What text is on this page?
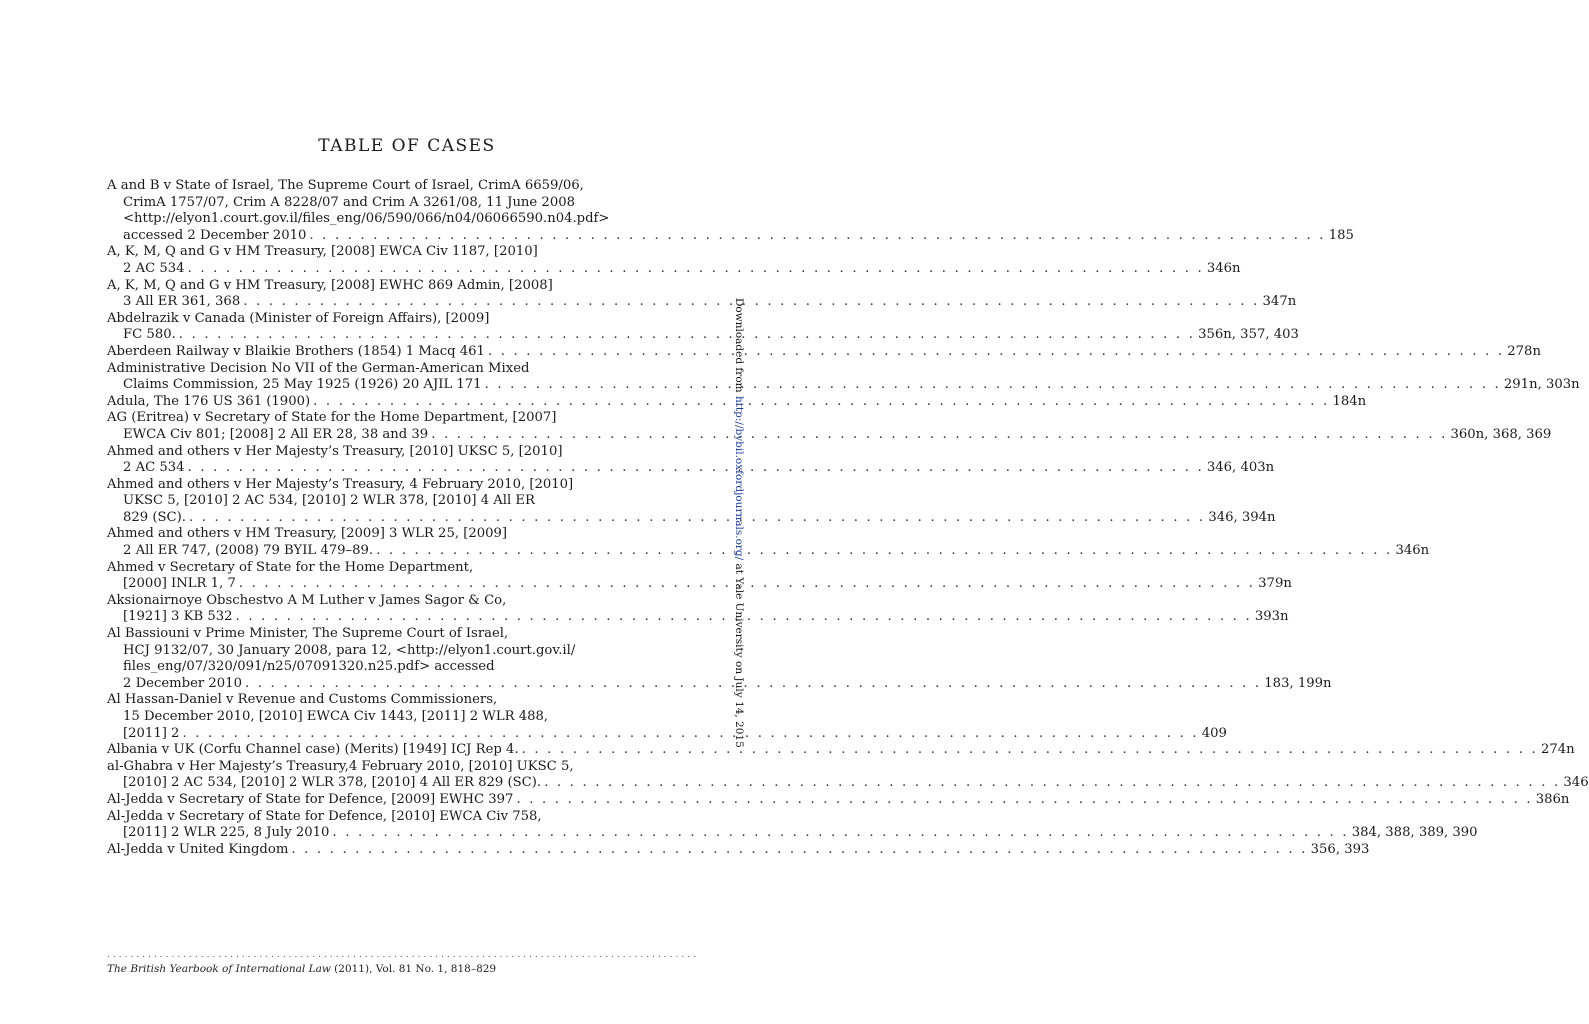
TABLE OF CASES
A and B v State of Israel, The Supreme Court of Israel, CrimA 6659/06,
CrimA 1757/07, Crim A 8228/07 and Crim A 3261/08, 11 June 2008
<http://elyon1.court.gov.il/files_eng/06/590/066/n04/06066590.n04.pdf>
accessed 2 December 2010 . . . . . . . . . . . . . . . . . . . . . . . . . . . . . . . . . . . . . . . . . . . . . . . . . . . . . . . . . . . . . . . . . . . . . . . . . . . . . . . . 185
A, K, M, Q and G v HM Treasury, [2008] EWCA Civ 1187, [2010]
2 AC 534 . . . . . . . . . . . . . . . . . . . . . . . . . . . . . . . . . . . . . . . . . . . . . . . . . . . . . . . . . . . . . . . . . . . . . . . . . . . . . . . . 346n
A, K, M, Q and G v HM Treasury, [2008] EWHC 869 Admin, [2008]
3 All ER 361, 368 . . . . . . . . . . . . . . . . . . . . . . . . . . . . . . . . . . . . . . . . . . . . . . . . . . . . . . . . . . . . . . . . . . . . . . . . . . . . . . . . 347n
Abdelrazik v Canada (Minister of Foreign Affairs), [2009]
FC 580. . . . . . . . . . . . . . . . . . . . . . . . . . . . . . . . . . . . . . . . . . . . . . . . . . . . . . . . . . . . . . . . . . . . . . . . . . . . . . . . . 356n, 357, 403
Aberdeen Railway v Blaikie Brothers (1854) 1 Macq 461 . . . . . . . . . . . . . . . . . . . . . . . . . . . . . . . . . . . . . . . . . . . . . . . . . . . . . . . . . . . . . . . . . . . . . . . . . . . . . . . . 278n
Administrative Decision No VII of the German-American Mixed
Claims Commission, 25 May 1925 (1926) 20 AJIL 171 . . . . . . . . . . . . . . . . . . . . . . . . . . . . . . . . . . . . . . . . . . . . . . . . . . . . . . . . . . . . . . . . . . . . . . . . . . . . . . . . 291n, 303n
Adula, The 176 US 361 (1900) . . . . . . . . . . . . . . . . . . . . . . . . . . . . . . . . . . . . . . . . . . . . . . . . . . . . . . . . . . . . . . . . . . . . . . . . . . . . . . . . 184n
AG (Eritrea) v Secretary of State for the Home Department, [2007]
EWCA Civ 801; [2008] 2 All ER 28, 38 and 39 . . . . . . . . . . . . . . . . . . . . . . . . . . . . . . . . . . . . . . . . . . . . . . . . . . . . . . . . . . . . . . . . . . . . . . . . . . . . . . . . 360n, 368, 369
Ahmed and others v Her Majesty’s Treasury, [2010] UKSC 5, [2010]
2 AC 534 . . . . . . . . . . . . . . . . . . . . . . . . . . . . . . . . . . . . . . . . . . . . . . . . . . . . . . . . . . . . . . . . . . . . . . . . . . . . . . . . 346, 403n
Ahmed and others v Her Majesty’s Treasury, 4 February 2010, [2010]
UKSC 5, [2010] 2 AC 534, [2010] 2 WLR 378, [2010] 4 All ER
829 (SC). . . . . . . . . . . . . . . . . . . . . . . . . . . . . . . . . . . . . . . . . . . . . . . . . . . . . . . . . . . . . . . . . . . . . . . . . . . . . . . . . 346, 394n
Ahmed and others v HM Treasury, [2009] 3 WLR 25, [2009]
2 All ER 747, (2008) 79 BYIL 479–89. . . . . . . . . . . . . . . . . . . . . . . . . . . . . . . . . . . . . . . . . . . . . . . . . . . . . . . . . . . . . . . . . . . . . . . . . . . . . . . . . 346n
Ahmed v Secretary of State for the Home Department,
[2000] INLR 1, 7 . . . . . . . . . . . . . . . . . . . . . . . . . . . . . . . . . . . . . . . . . . . . . . . . . . . . . . . . . . . . . . . . . . . . . . . . . . . . . . . . 379n
Aksionairnoye Obschestvo A M Luther v James Sagor & Co,
[1921] 3 KB 532 . . . . . . . . . . . . . . . . . . . . . . . . . . . . . . . . . . . . . . . . . . . . . . . . . . . . . . . . . . . . . . . . . . . . . . . . . . . . . . . . 393n
Al Bassiouni v Prime Minister, The Supreme Court of Israel,
HCJ 9132/07, 30 January 2008, para 12, <http://elyon1.court.gov.il/
files_eng/07/320/091/n25/07091320.n25.pdf> accessed
2 December 2010 . . . . . . . . . . . . . . . . . . . . . . . . . . . . . . . . . . . . . . . . . . . . . . . . . . . . . . . . . . . . . . . . . . . . . . . . . . . . . . . . 183, 199n
Al Hassan-Daniel v Revenue and Customs Commissioners,
15 December 2010, [2010] EWCA Civ 1443, [2011] 2 WLR 488,
[2011] 2 . . . . . . . . . . . . . . . . . . . . . . . . . . . . . . . . . . . . . . . . . . . . . . . . . . . . . . . . . . . . . . . . . . . . . . . . . . . . . . . . 409
Albania v UK (Corfu Channel case) (Merits) [1949] ICJ Rep 4. . . . . . . . . . . . . . . . . . . . . . . . . . . . . . . . . . . . . . . . . . . . . . . . . . . . . . . . . . . . . . . . . . . . . . . . . . . . . . . . . 274n
al-Ghabra v Her Majesty’s Treasury,4 February 2010, [2010] UKSC 5,
[2010] 2 AC 534, [2010] 2 WLR 378, [2010] 4 All ER 829 (SC). . . . . . . . . . . . . . . . . . . . . . . . . . . . . . . . . . . . . . . . . . . . . . . . . . . . . . . . . . . . . . . . . . . . . . . . . . . . . . . . . 346
Al-Jedda v Secretary of State for Defence, [2009] EWHC 397 . . . . . . . . . . . . . . . . . . . . . . . . . . . . . . . . . . . . . . . . . . . . . . . . . . . . . . . . . . . . . . . . . . . . . . . . . . . . . . . . 386n
Al-Jedda v Secretary of State for Defence, [2010] EWCA Civ 758,
[2011] 2 WLR 225, 8 July 2010 . . . . . . . . . . . . . . . . . . . . . . . . . . . . . . . . . . . . . . . . . . . . . . . . . . . . . . . . . . . . . . . . . . . . . . . . . . . . . . . . 384, 388, 389, 390
Al-Jedda v United Kingdom . . . . . . . . . . . . . . . . . . . . . . . . . . . . . . . . . . . . . . . . . . . . . . . . . . . . . . . . . . . . . . . . . . . . . . . . . . . . . . . . 356, 393
Downloaded from http://bybil.oxfordjournals.org/ at Yale University on July 14, 2015
.....................................................................................................
The British Yearbook of International Law (2011), Vol. 81 No. 1, 818–829
